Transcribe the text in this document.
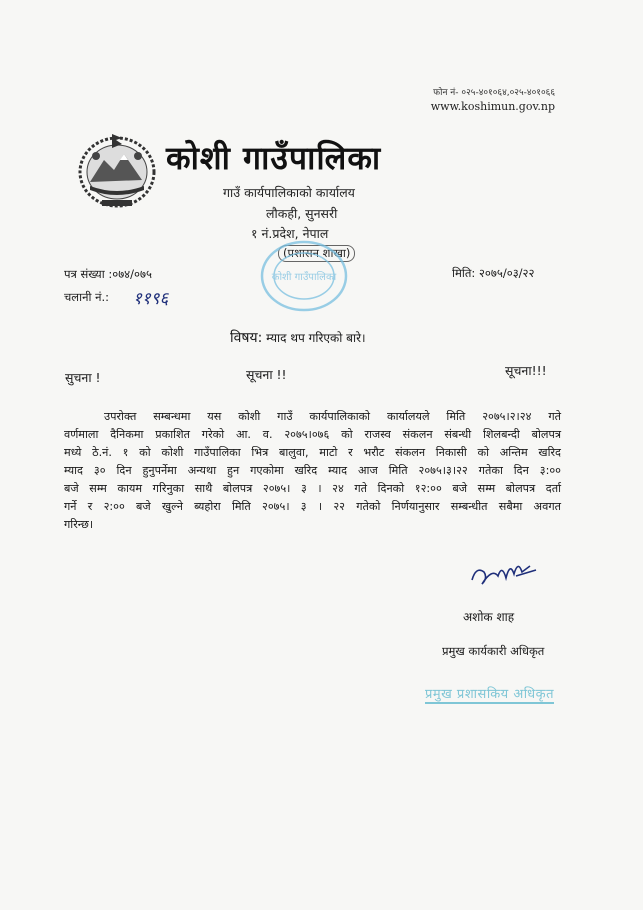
फोन नं- ०२५-४०१०६४,०२५-४०१०६६
www.koshimun.gov.np
कोशी गाउँपालिका
गाउँ कार्यपालिकाको कार्यालय
लौकही, सुनसरी
१ नं.प्रदेश, नेपाल
(प्रशासन शाखा)
कोशी गाउँपालिका
पत्र संख्या :०७४/०७५
चलानी नं.: ११९६
मिति: २०७५/०३/२२
विषय: म्याद थप गरिएको बारे।
सुचना !	सूचना !!	सूचना!!!
उपरोक्त सम्बन्धमा यस कोशी गाउँ कार्यपालिकाको कार्यालयले मिति २०७५।२।२४ गते
वर्णमाला दैनिकमा प्रकाशित गरेको आ. व. २०७५।०७६ को राजस्व संकलन संबन्धी शिलबन्दी बोलपत्र
मध्ये ठे.नं. १ को कोशी गाउँपालिका भित्र बालुवा, माटो र भरौट संकलन निकासी को अन्तिम खरिद
म्याद ३० दिन हुनुपर्नेमा अन्यथा हुन गएकोमा खरिद म्याद आज मिति २०७५।३।२२ गतेका दिन ३:००
बजे सम्म कायम गरिनुका साथै बोलपत्र २०७५। ३ । २४ गते दिनको १२:०० बजे सम्म बोलपत्र दर्ता
गर्ने र २:०० बजे खुल्ने ब्यहोरा मिति २०७५। ३ । २२ गतेको निर्णयानुसार सम्बन्धीत सबैमा अवगत
गरिन्छ।
अशोक शाह
प्रमुख कार्यकारी अधिकृत
प्रमुख प्रशासकिय अधिकृत
